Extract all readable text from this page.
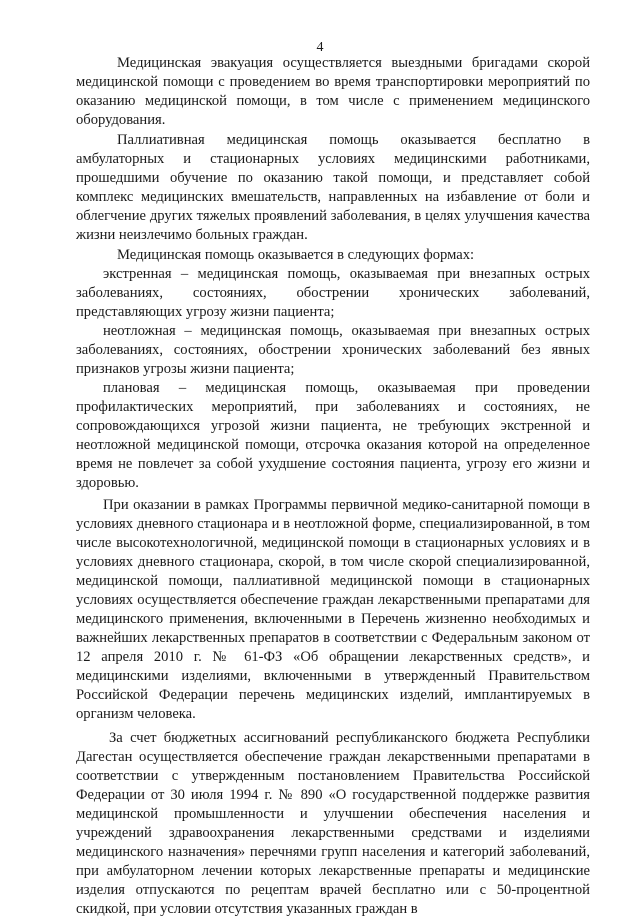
4

Медицинская эвакуация осуществляется выездными бригадами скорой медицинской помощи с проведением во время транспортировки мероприятий по оказанию медицинской помощи, в том числе с применением медицинского оборудования.

Паллиативная медицинская помощь оказывается бесплатно в амбулаторных и стационарных условиях медицинскими работниками, прошедшими обучение по оказанию такой помощи, и представляет собой комплекс медицинских вмешательств, направленных на избавление от боли и облегчение других тяжелых проявлений заболевания, в целях улучшения качества жизни неизлечимо больных граждан.

Медицинская помощь оказывается в следующих формах:

экстренная – медицинская помощь, оказываемая при внезапных острых заболеваниях, состояниях, обострении хронических заболеваний, представляющих угрозу жизни пациента;

неотложная – медицинская помощь, оказываемая при внезапных острых заболеваниях, состояниях, обострении хронических заболеваний без явных признаков угрозы жизни пациента;

плановая – медицинская помощь, оказываемая при проведении профилактических мероприятий, при заболеваниях и состояниях, не сопровождающихся угрозой жизни пациента, не требующих экстренной и неотложной медицинской помощи, отсрочка оказания которой на определенное время не повлечет за собой ухудшение состояния пациента, угрозу его жизни и здоровью.

При оказании в рамках Программы первичной медико-санитарной помощи в условиях дневного стационара и в неотложной форме, специализированной, в том числе высокотехнологичной, медицинской помощи в стационарных условиях и в условиях дневного стационара, скорой, в том числе скорой специализированной, медицинской помощи, паллиативной медицинской помощи в стационарных условиях осуществляется обеспечение граждан лекарственными препаратами для медицинского применения, включенными в Перечень жизненно необходимых и важнейших лекарственных препаратов в соответствии с Федеральным законом от 12 апреля 2010 г. № 61-ФЗ «Об обращении лекарственных средств», и медицинскими изделиями, включенными в утвержденный Правительством Российской Федерации перечень медицинских изделий, имплантируемых в организм человека.

За счет бюджетных ассигнований республиканского бюджета Республики Дагестан осуществляется обеспечение граждан лекарственными препаратами в соответствии с утвержденным постановлением Правительства Российской Федерации от 30 июля 1994 г. № 890 «О государственной поддержке развития медицинской промышленности и улучшении обеспечения населения и учреждений здравоохранения лекарственными средствами и изделиями медицинского назначения» перечнями групп населения и категорий заболеваний, при амбулаторном лечении которых лекарственные препараты и медицинские изделия отпускаются по рецептам врачей бесплатно или с 50-процентной скидкой, при условии отсутствия указанных граждан в
